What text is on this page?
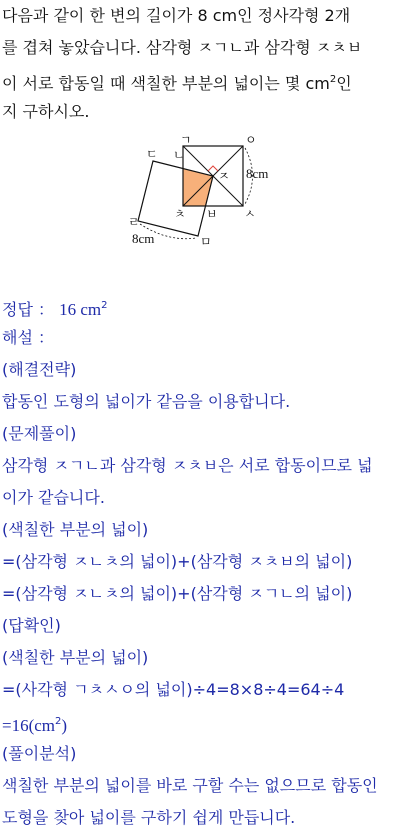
다음과 같이 한 변의 길이가 8 cm인 정사각형 2개
를 겹쳐 놓았습니다. 삼각형 ㅈㄱㄴ과 삼각형 ㅈㅊㅂ
이 서로 합동일 때 색칠한 부분의 넓이는 몇 $cm^2$인
지 구하시오.
ㄱ	ㅇ
ㄷ ㄴ
ㅈ
ㄹ
ㅊ ㅂ ㅅ
ㅁ
8cm
8cm
정답 ： 16 $cm^2$
해설 ：
(해결전략)
합동인 도형의 넓이가 같음을 이용합니다.
(문제풀이)
삼각형 ㅈㄱㄴ과 삼각형 ㅈㅊㅂ은 서로 합동이므로 넓
이가 같습니다.
(색칠한 부분의 넓이)
=(삼각형 ㅈㄴㅊ의 넓이)+(삼각형 ㅈㅊㅂ의 넓이)
=(삼각형 ㅈㄴㅊ의 넓이)+(삼각형 ㅈㄱㄴ의 넓이)
(답확인)
(색칠한 부분의 넓이)
=(사각형 ㄱㅊㅅㅇ의 넓이)÷4=8×8÷4=64÷4
$=16(cm^2)$
(풀이분석)
색칠한 부분의 넓이를 바로 구할 수는 없으므로 합동인
도형을 찾아 넓이를 구하기 쉽게 만듭니다.
